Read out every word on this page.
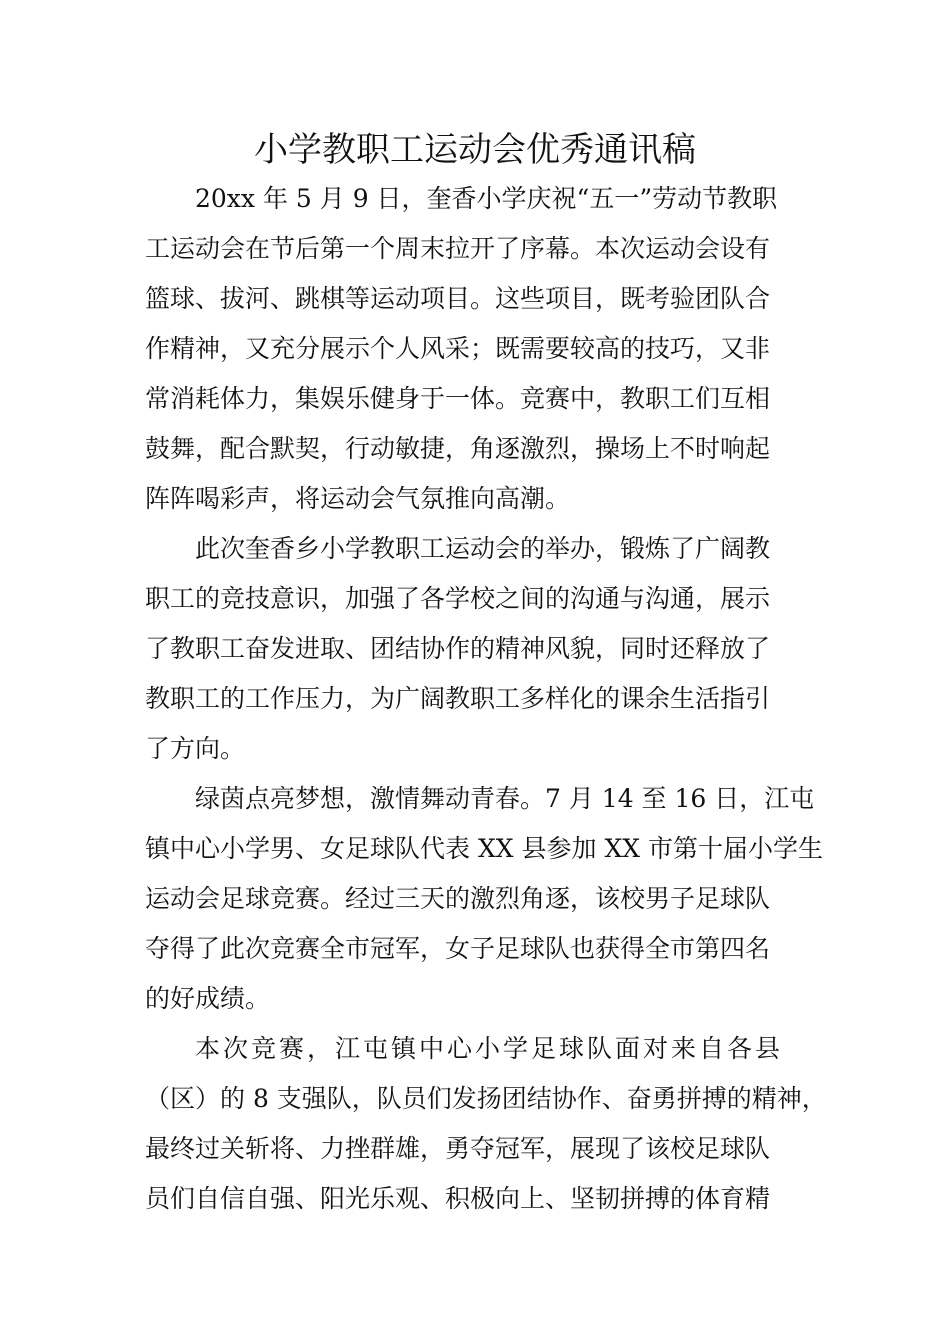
小学教职工运动会优秀通讯稿
20xx 年 5 月 9 日，奎香小学庆祝“五一”劳动节教职
工运动会在节后第一个周末拉开了序幕。本次运动会设有
篮球、拔河、跳棋等运动项目。这些项目，既考验团队合
作精神，又充分展示个人风采；既需要较高的技巧，又非
常消耗体力，集娱乐健身于一体。竞赛中，教职工们互相
鼓舞，配合默契，行动敏捷，角逐激烈，操场上不时响起
阵阵喝彩声，将运动会气氛推向高潮。
此次奎香乡小学教职工运动会的举办，锻炼了广阔教
职工的竞技意识，加强了各学校之间的沟通与沟通，展示
了教职工奋发进取、团结协作的精神风貌，同时还释放了
教职工的工作压力，为广阔教职工多样化的课余生活指引
了方向。
绿茵点亮梦想，激情舞动青春。7 月 14 至 16 日，江屯
镇中心小学男、女足球队代表 XX 县参加 XX 市第十届小学生
运动会足球竞赛。经过三天的激烈角逐，该校男子足球队
夺得了此次竞赛全市冠军，女子足球队也获得全市第四名
的好成绩。
本次竞赛，江屯镇中心小学足球队面对来自各县
（区）的 8 支强队，队员们发扬团结协作、奋勇拼搏的精神，
最终过关斩将、力挫群雄，勇夺冠军，展现了该校足球队
员们自信自强、阳光乐观、积极向上、坚韧拼搏的体育精
